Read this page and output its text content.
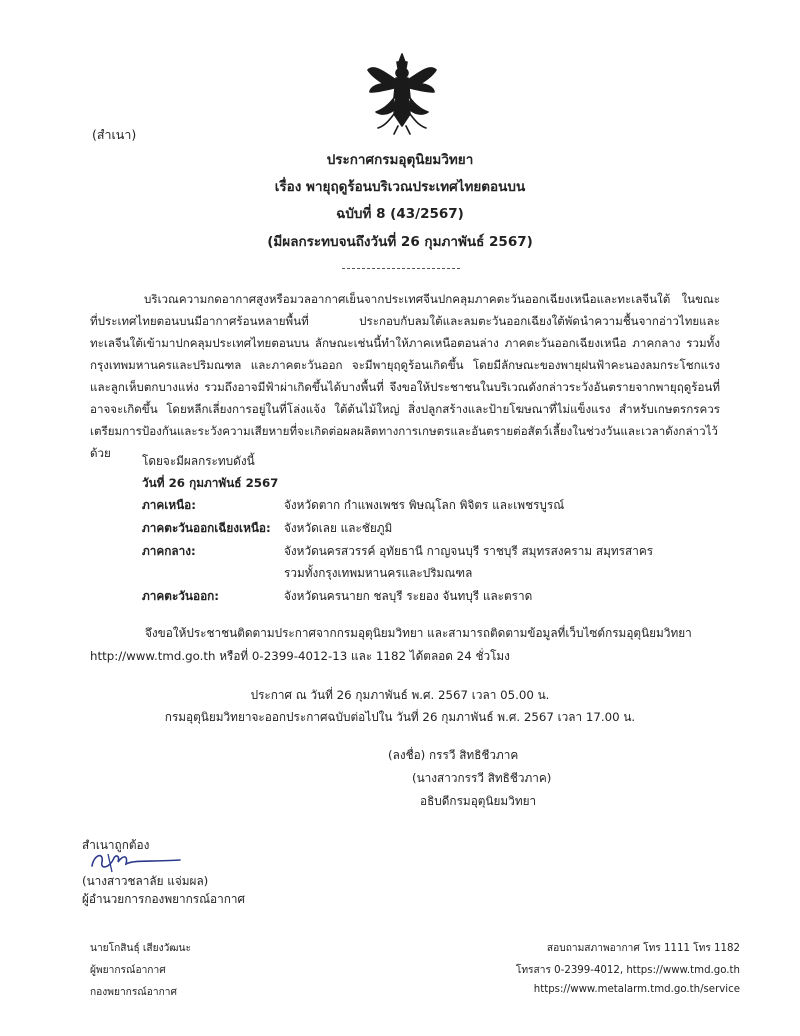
(สำเนา)
ประกาศกรมอุตุนิยมวิทยา
เรื่อง พายุฤดูร้อนบริเวณประเทศไทยตอนบน
ฉบับที่ 8 (43/2567)
(มีผลกระทบจนถึงวันที่ 26 กุมภาพันธ์ 2567)

บริเวณความกดอากาศสูงหรือมวลอากาศเย็นจากประเทศจีนปกคลุมภาคตะวันออกเฉียงเหนือและทะเลจีนใต้ ในขณะที่ประเทศไทยตอนบนมีอากาศร้อนหลายพื้นที่ ประกอบกับลมใต้และลมตะวันออกเฉียงใต้พัดนำความชื้นจากอ่าวไทยและทะเลจีนใต้เข้ามาปกคลุมประเทศไทยตอนบน ลักษณะเช่นนี้ทำให้ภาคเหนือตอนล่าง ภาคตะวันออกเฉียงเหนือ ภาคกลาง รวมทั้งกรุงเทพมหานครและปริมณฑล และภาคตะวันออก จะมีพายุฤดูร้อนเกิดขึ้น โดยมีลักษณะของพายุฝนฟ้าคะนองลมกระโชกแรงและลูกเห็บตกบางแห่ง รวมถึงอาจมีฟ้าผ่าเกิดขึ้นได้บางพื้นที่ จึงขอให้ประชาชนในบริเวณดังกล่าวระวังอันตรายจากพายุฤดูร้อนที่อาจจะเกิดขึ้น โดยหลีกเลี่ยงการอยู่ในที่โล่งแจ้ง ใต้ต้นไม้ใหญ่ สิ่งปลูกสร้างและป้ายโฆษณาที่ไม่แข็งแรง สำหรับเกษตรกรควรเตรียมการป้องกันและระวังความเสียหายที่จะเกิดต่อผลผลิตทางการเกษตรและอันตรายต่อสัตว์เลี้ยงในช่วงวันและเวลาดังกล่าวไว้ด้วย

โดยจะมีผลกระทบดังนี้
วันที่ 26 กุมภาพันธ์ 2567
ภาคเหนือ:	จังหวัดตาก กำแพงเพชร พิษณุโลก พิจิตร และเพชรบูรณ์
ภาคตะวันออกเฉียงเหนือ: จังหวัดเลย และชัยภูมิ
ภาคกลาง:	จังหวัดนครสวรรค์ อุทัยธานี กาญจนบุรี ราชบุรี สมุทรสงคราม สมุทรสาคร
รวมทั้งกรุงเทพมหานครและปริมณฑล
ภาคตะวันออก:	จังหวัดนครนายก ชลบุรี ระยอง จันทบุรี และตราด
จึงขอให้ประชาชนติดตามประกาศจากกรมอุตุนิยมวิทยา และสามารถติดตามข้อมูลที่เว็บไซต์กรมอุตุนิยมวิทยา
http://www.tmd.go.th หรือที่ 0-2399-4012-13 และ 1182 ได้ตลอด 24 ชั่วโมง
ประกาศ ณ วันที่ 26 กุมภาพันธ์ พ.ศ. 2567 เวลา 05.00 น.
กรมอุตุนิยมวิทยาจะออกประกาศฉบับต่อไปใน วันที่ 26 กุมภาพันธ์ พ.ศ. 2567 เวลา 17.00 น.
(ลงชื่อ) กรรวี สิทธิชีวภาค
(นางสาวกรรวี สิทธิชีวภาค)
อธิบดีกรมอุตุนิยมวิทยา
สำเนาถูกต้อง
(นางสาวชลาลัย แจ่มผล)
ผู้อำนวยการกองพยากรณ์อากาศ
นายโกสินธุ์ เสียงวัฒนะ
ผู้พยากรณ์อากาศ
กองพยากรณ์อากาศ
สอบถามสภาพอากาศ โทร 1111 โทร 1182
โทรสาร 0-2399-4012, https://www.tmd.go.th
https://www.metalarm.tmd.go.th/service
